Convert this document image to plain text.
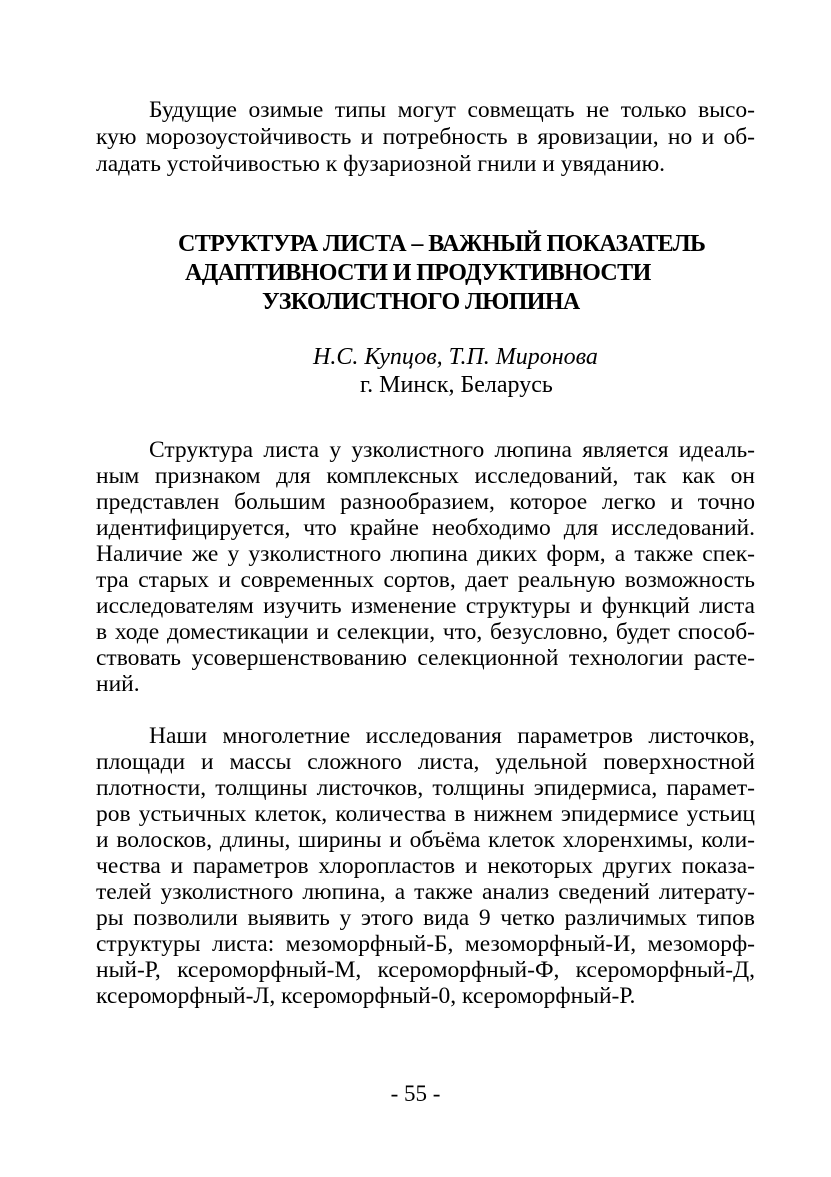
Будущие озимые типы могут совмещать не только высо-
кую морозоустойчивость и потребность в яровизации, но и об-
ладать устойчивостью к фузариозной гнили и увяданию.
СТРУКТУРА ЛИСТА – ВАЖНЫЙ ПОКАЗАТЕЛЬ
АДАПТИВНОСТИ И ПРОДУКТИВНОСТИ
УЗКОЛИСТНОГО ЛЮПИНА
Н.С. Купцов, Т.П. Миронова
г. Минск, Беларусь
Структура листа у узколистного люпина является идеаль-
ным признаком для комплексных исследований, так как он
представлен большим разнообразием, которое легко и точно
идентифицируется, что крайне необходимо для исследований.
Наличие же у узколистного люпина диких форм, а также спек-
тра старых и современных сортов, дает реальную возможность
исследователям изучить изменение структуры и функций листа
в ходе доместикации и селекции, что, безусловно, будет способ-
ствовать усовершенствованию селекционной технологии расте-
ний.
Наши многолетние исследования параметров листочков,
площади и массы сложного листа, удельной поверхностной
плотности, толщины листочков, толщины эпидермиса, парамет-
ров устьичных клеток, количества в нижнем эпидермисе устьиц
и волосков, длины, ширины и объёма клеток хлоренхимы, коли-
чества и параметров хлоропластов и некоторых других показа-
телей узколистного люпина, а также анализ сведений литерату-
ры позволили выявить у этого вида 9 четко различимых типов
структуры листа: мезоморфный-Б, мезоморфный-И, мезоморф-
ный-Р, ксероморфный-М, ксероморфный-Ф, ксероморфный-Д,
ксероморфный-Л, ксероморфный-0, ксероморфный-Р.
- 55 -
